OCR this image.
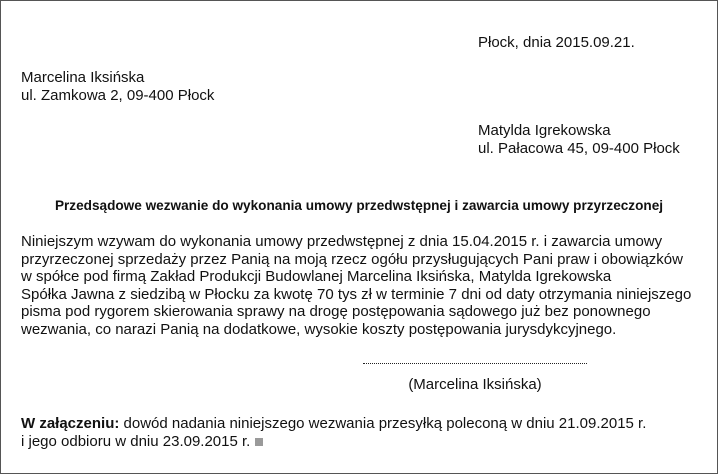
Płock, dnia 2015.09.21.
Marcelina Iksińska
ul. Zamkowa 2, 09-400 Płock
Matylda Igrekowska
ul. Pałacowa 45, 09-400 Płock
Przedsądowe wezwanie do wykonania umowy przedwstępnej i zawarcia umowy przyrzeczonej
Niniejszym wzywam do wykonania umowy przedwstępnej z dnia 15.04.2015 r. i zawarcia umowy
przyrzeczonej sprzedaży przez Panią na moją rzecz ogółu przysługujących Pani praw i obowiązków
w spółce pod firmą Zakład Produkcji Budowlanej Marcelina Iksińska, Matylda Igrekowska
Spółka Jawna z siedzibą w Płocku za kwotę 70 tys zł w terminie 7 dni od daty otrzymania niniejszego
pisma pod rygorem skierowania sprawy na drogę postępowania sądowego już bez ponownego
wezwania, co narazi Panią na dodatkowe, wysokie koszty postępowania jurysdykcyjnego.
(Marcelina Iksińska)
W załączeniu: dowód nadania niniejszego wezwania przesyłką poleconą w dniu 21.09.2015 r.
i jego odbioru w dniu 23.09.2015 r.
